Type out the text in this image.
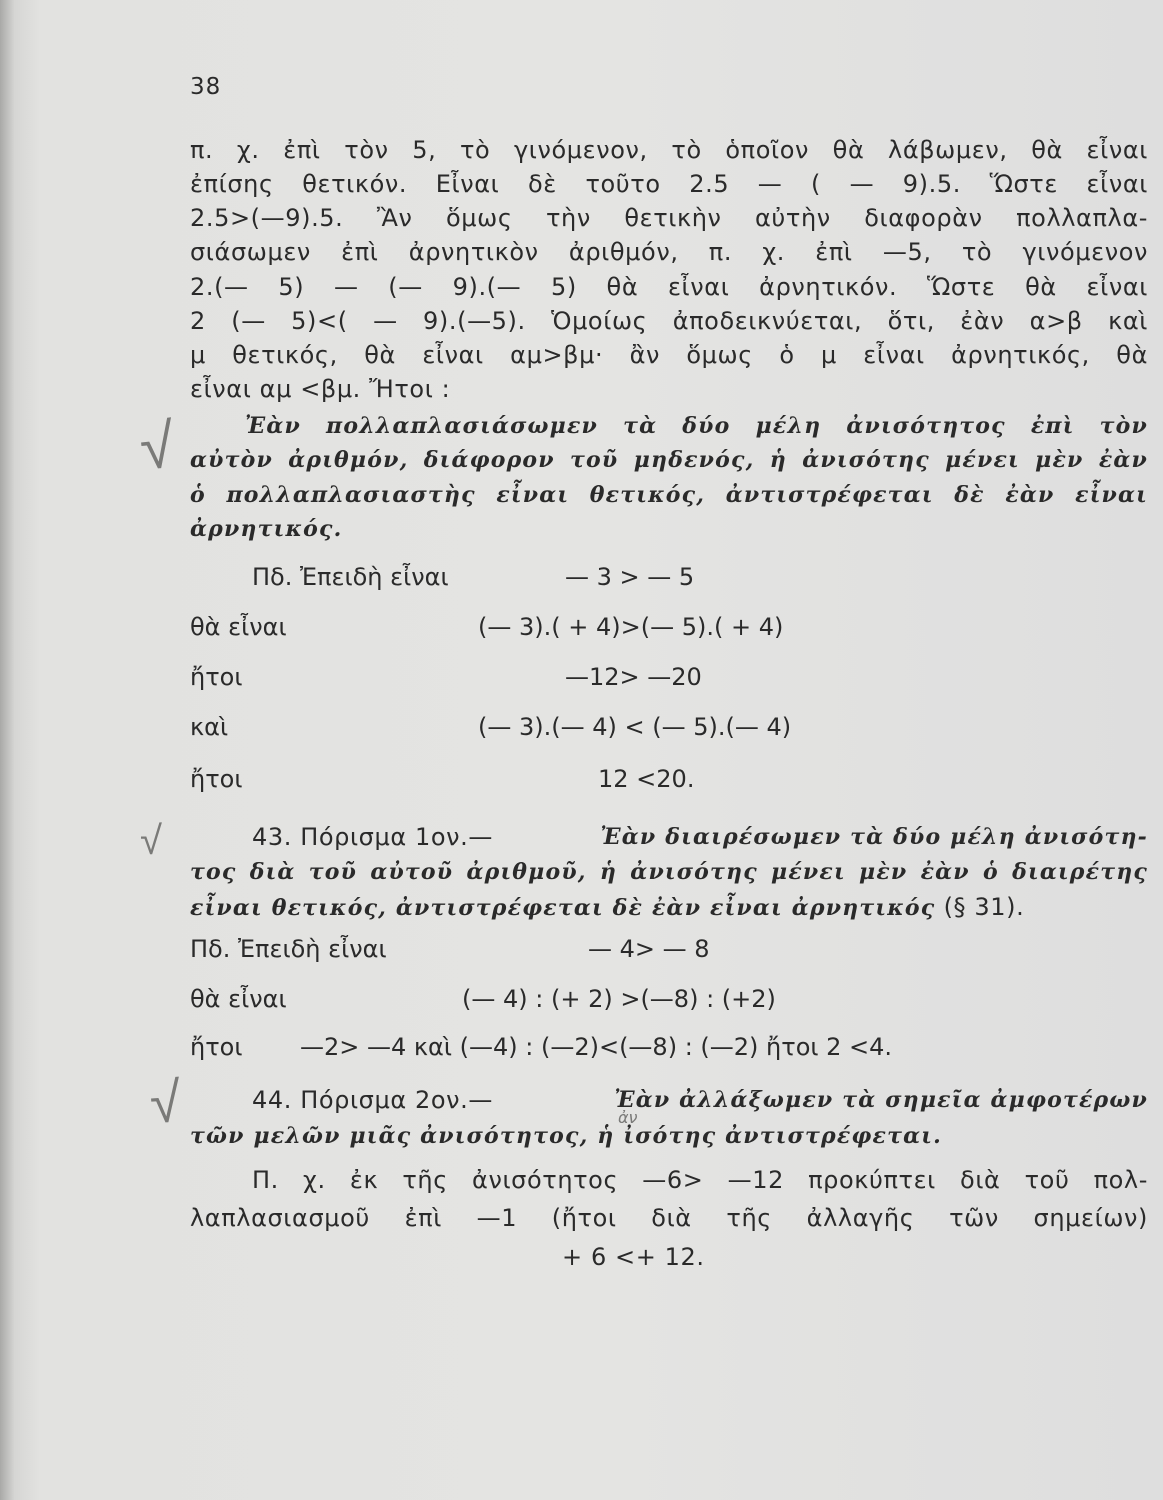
38
π. χ. ἐπὶ τὸν 5, τὸ γινόμενον, τὸ ὁποῖον θὰ λάβωμεν, θὰ εἶναι
ἐπίσης θετικόν. Εἶναι δὲ τοῦτο 2.5 — ( — 9).5. Ὥστε εἶναι
2.5>(—9).5. Ἂν ὅμως τὴν θετικὴν αὐτὴν διαφορὰν πολλαπλα-
σιάσωμεν ἐπὶ ἀρνητικὸν ἀριθμόν, π. χ. ἐπὶ —5, τὸ γινόμενον
2.(— 5) — (— 9).(— 5) θὰ εἶναι ἀρνητικόν. Ὥστε θὰ εἶναι
2 (— 5)<( — 9).(—5). Ὁμοίως ἀποδεικνύεται, ὅτι, ἐὰν α>β καὶ
μ θετικός, θὰ εἶναι αμ>βμ· ἂν ὅμως ὁ μ εἶναι ἀρνητικός, θὰ
εἶναι αμ <βμ. Ἤτοι :
Ἐὰν πολλαπλασιάσωμεν τὰ δύο μέλη ἀνισότητος ἐπὶ τὸν
αὐτὸν ἀριθμόν, διάφορον τοῦ μηδενός, ἡ ἀνισότης μένει μὲν ἐὰν
ὁ πολλαπλασιαστὴς εἶναι θετικός, ἀντιστρέφεται δὲ ἐὰν εἶναι
ἀρνητικός.
Πδ. Ἐπειδὴ εἶναι	— 3 > — 5
θὰ εἶναι	(— 3).( + 4)>(— 5).( + 4)
ἤτοι	—12> —20
καὶ	(— 3).(— 4) < (— 5).(— 4)
ἤτοι	12 <20.
43. Πόρισμα 1ον.—	Ἐὰν διαιρέσωμεν τὰ δύο μέλη ἀνισότη-
τος διὰ τοῦ αὐτοῦ ἀριθμοῦ, ἡ ἀνισότης μένει μὲν ἐὰν ὁ διαιρέτης
εἶναι θετικός, ἀντιστρέφεται δὲ ἐὰν εἶναι ἀρνητικός (§ 31).
Πδ. Ἐπειδὴ εἶναι	— 4> — 8
θὰ εἶναι	(— 4) : (+ 2) >(—8) : (+2)
ἤτοι —2> —4 καὶ (—4) : (—2)<(—8) : (—2) ἤτοι 2 <4.
44. Πόρισμα 2ον.—	Ἐὰν ἀλλάξωμεν τὰ σημεῖα ἀμφοτέρων
τῶν μελῶν μιᾶς ἀνισότητος, ἡ ἰσότης ἀντιστρέφεται.
Π. χ. ἐκ τῆς ἀνισότητος —6> —12 προκύπτει διὰ τοῦ πολ-
λαπλασιασμοῦ ἐπὶ —1 (ἤτοι διὰ τῆς ἀλλαγῆς τῶν σημείων)
+ 6 <+ 12.
√
√
√	ἀν
